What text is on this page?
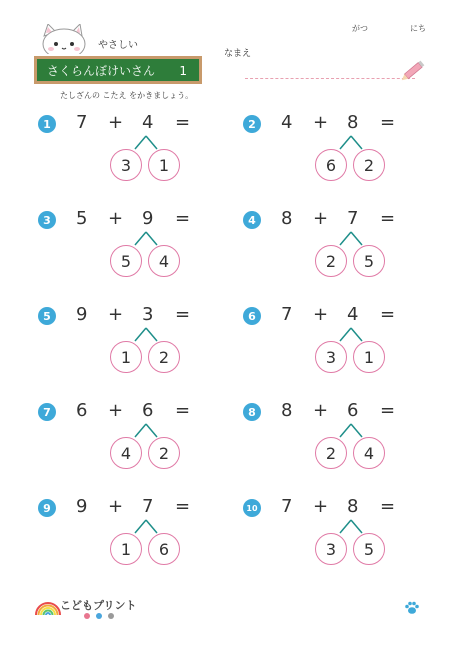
やさしい
がつ	にち
なまえ
さくらんぼけいさん 1
たしざんの こたえ をかきましょう。
1 7 + 4 =
3	1
2 4 + 8 =
6	2
3 5 + 9 =
5	4
4 8 + 7 =
2	5
5 9 + 3 =
1	2
6 7 + 4 =
3	1
7 6 + 6 =
4	2
8 8 + 6 =
2	4
9 9 + 7 =
1	6
10 7 + 8 =
3	5
こどもプリント
